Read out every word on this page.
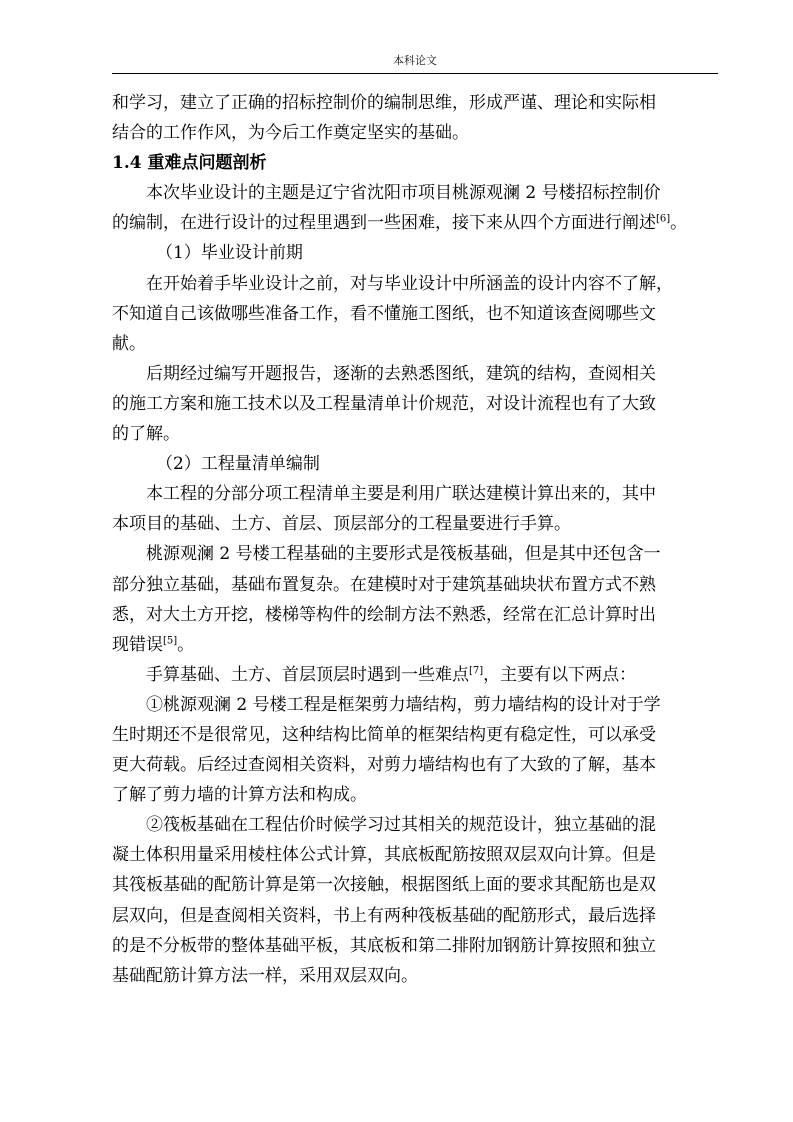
本科论文
和学习，建立了正确的招标控制价的编制思维，形成严谨、理论和实际相
结合的工作作风，为今后工作奠定坚实的基础。
1.4 重难点问题剖析
本次毕业设计的主题是辽宁省沈阳市项目桃源观澜 2 号楼招标控制价
的编制，在进行设计的过程里遇到一些困难，接下来从四个方面进行阐述[6]。
（1）毕业设计前期
在开始着手毕业设计之前，对与毕业设计中所涵盖的设计内容不了解，
不知道自己该做哪些准备工作，看不懂施工图纸，也不知道该查阅哪些文
献。
后期经过编写开题报告，逐渐的去熟悉图纸，建筑的结构，查阅相关
的施工方案和施工技术以及工程量清单计价规范，对设计流程也有了大致
的了解。
（2）工程量清单编制
本工程的分部分项工程清单主要是利用广联达建模计算出来的，其中
本项目的基础、土方、首层、顶层部分的工程量要进行手算。
桃源观澜 2 号楼工程基础的主要形式是筏板基础，但是其中还包含一
部分独立基础，基础布置复杂。在建模时对于建筑基础块状布置方式不熟
悉，对大土方开挖，楼梯等构件的绘制方法不熟悉，经常在汇总计算时出
现错误[5]。
手算基础、土方、首层顶层时遇到一些难点[7]，主要有以下两点：
①桃源观澜 2 号楼工程是框架剪力墙结构，剪力墙结构的设计对于学
生时期还不是很常见，这种结构比简单的框架结构更有稳定性，可以承受
更大荷载。后经过查阅相关资料，对剪力墙结构也有了大致的了解，基本
了解了剪力墙的计算方法和构成。
②筏板基础在工程估价时候学习过其相关的规范设计，独立基础的混
凝土体积用量采用棱柱体公式计算，其底板配筋按照双层双向计算。但是
其筏板基础的配筋计算是第一次接触，根据图纸上面的要求其配筋也是双
层双向，但是查阅相关资料，书上有两种筏板基础的配筋形式，最后选择
的是不分板带的整体基础平板，其底板和第二排附加钢筋计算按照和独立
基础配筋计算方法一样，采用双层双向。
